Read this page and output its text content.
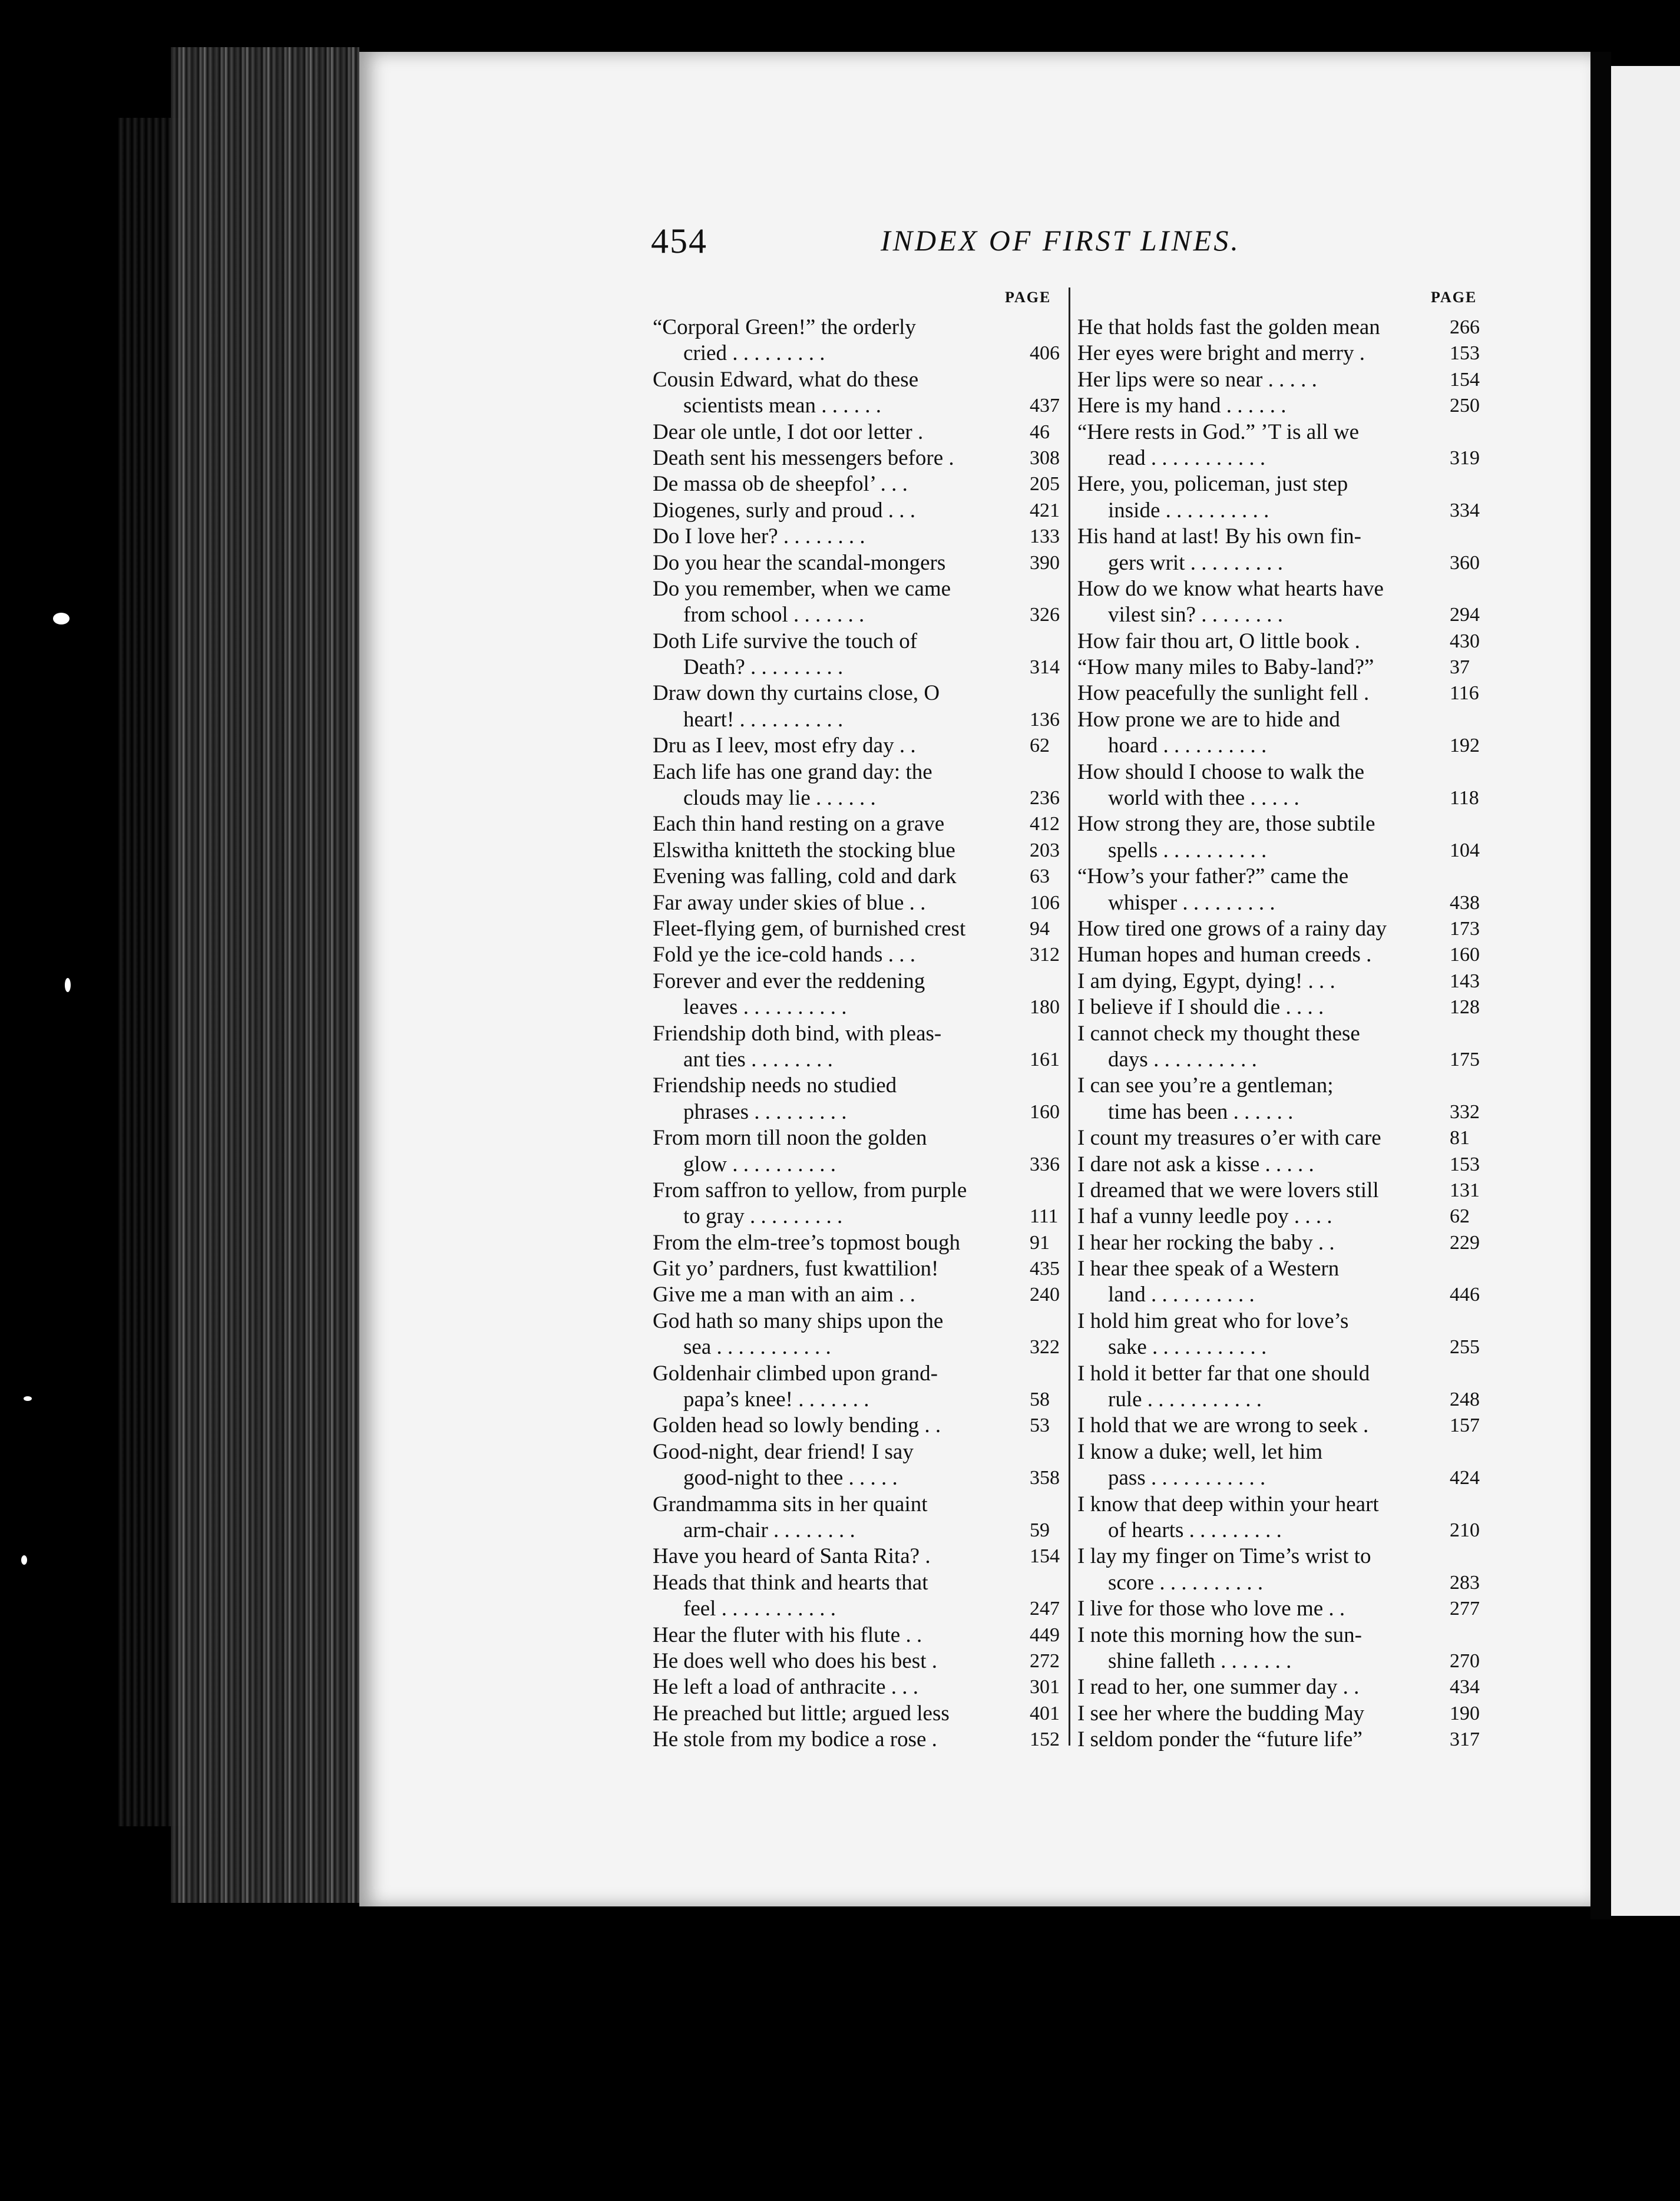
454	INDEX OF FIRST LINES.
PAGE
“Corporal Green!” the orderly
cried . . . . . . . . .	406
Cousin Edward, what do these
scientists mean . . . . . .	437
Dear ole untle, I dot oor letter .	46
Death sent his messengers before .	308
De massa ob de sheepfol’ . . .	205
Diogenes, surly and proud . . .	421
Do I love her? . . . . . . . .	133
Do you hear the scandal-mongers	390
Do you remember, when we came
from school . . . . . . .	326
Doth Life survive the touch of
Death? . . . . . . . . .	314
Draw down thy curtains close, O
heart! . . . . . . . . . .	136
Dru as I leev, most efry day . .	62
Each life has one grand day: the
clouds may lie . . . . . .	236
Each thin hand resting on a grave	412
Elswitha knitteth the stocking blue	203
Evening was falling, cold and dark	63
Far away under skies of blue . .	106
Fleet-flying gem, of burnished crest	94
Fold ye the ice-cold hands . . .	312
Forever and ever the reddening
leaves . . . . . . . . . .	180
Friendship doth bind, with pleas-
ant ties . . . . . . . .	161
Friendship needs no studied
phrases . . . . . . . . .	160
From morn till noon the golden
glow . . . . . . . . . .	336
From saffron to yellow, from purple
to gray . . . . . . . . .	111
From the elm-tree’s topmost bough	91
Git yo’ pardners, fust kwattilion!	435
Give me a man with an aim . .	240
God hath so many ships upon the
sea . . . . . . . . . . .	322
Goldenhair climbed upon grand-
papa’s knee! . . . . . . .	58
Golden head so lowly bending . .	53
Good-night, dear friend! I say
good-night to thee . . . . .	358
Grandmamma sits in her quaint
arm-chair . . . . . . . .	59
Have you heard of Santa Rita? .	154
Heads that think and hearts that
feel . . . . . . . . . . .	247
Hear the fluter with his flute . .	449
He does well who does his best .	272
He left a load of anthracite . . .	301
He preached but little; argued less	401
He stole from my bodice a rose .	152
PAGE
He that holds fast the golden mean	266
Her eyes were bright and merry .	153
Her lips were so near . . . . .	154
Here is my hand . . . . . .	250
“Here rests in God.” ’T is all we
read . . . . . . . . . . .	319
Here, you, policeman, just step
inside . . . . . . . . . .	334
His hand at last! By his own fin-
gers writ . . . . . . . . .	360
How do we know what hearts have
vilest sin? . . . . . . . .	294
How fair thou art, O little book .	430
“How many miles to Baby-land?”	37
How peacefully the sunlight fell .	116
How prone we are to hide and
hoard . . . . . . . . . .	192
How should I choose to walk the
world with thee . . . . .	118
How strong they are, those subtile
spells . . . . . . . . . .	104
“How’s your father?” came the
whisper . . . . . . . . .	438
How tired one grows of a rainy day	173
Human hopes and human creeds .	160
I am dying, Egypt, dying! . . .	143
I believe if I should die . . . .	128
I cannot check my thought these
days . . . . . . . . . .	175
I can see you’re a gentleman;
time has been . . . . . .	332
I count my treasures o’er with care	81
I dare not ask a kisse . . . . .	153
I dreamed that we were lovers still	131
I haf a vunny leedle poy . . . .	62
I hear her rocking the baby . .	229
I hear thee speak of a Western
land . . . . . . . . . .	446
I hold him great who for love’s
sake . . . . . . . . . . .	255
I hold it better far that one should
rule . . . . . . . . . . .	248
I hold that we are wrong to seek .	157
I know a duke; well, let him
pass . . . . . . . . . . .	424
I know that deep within your heart
of hearts . . . . . . . . .	210
I lay my finger on Time’s wrist to
score . . . . . . . . . .	283
I live for those who love me . .	277
I note this morning how the sun-
shine falleth . . . . . . .	270
I read to her, one summer day . .	434
I see her where the budding May	190
I seldom ponder the “future life”	317
